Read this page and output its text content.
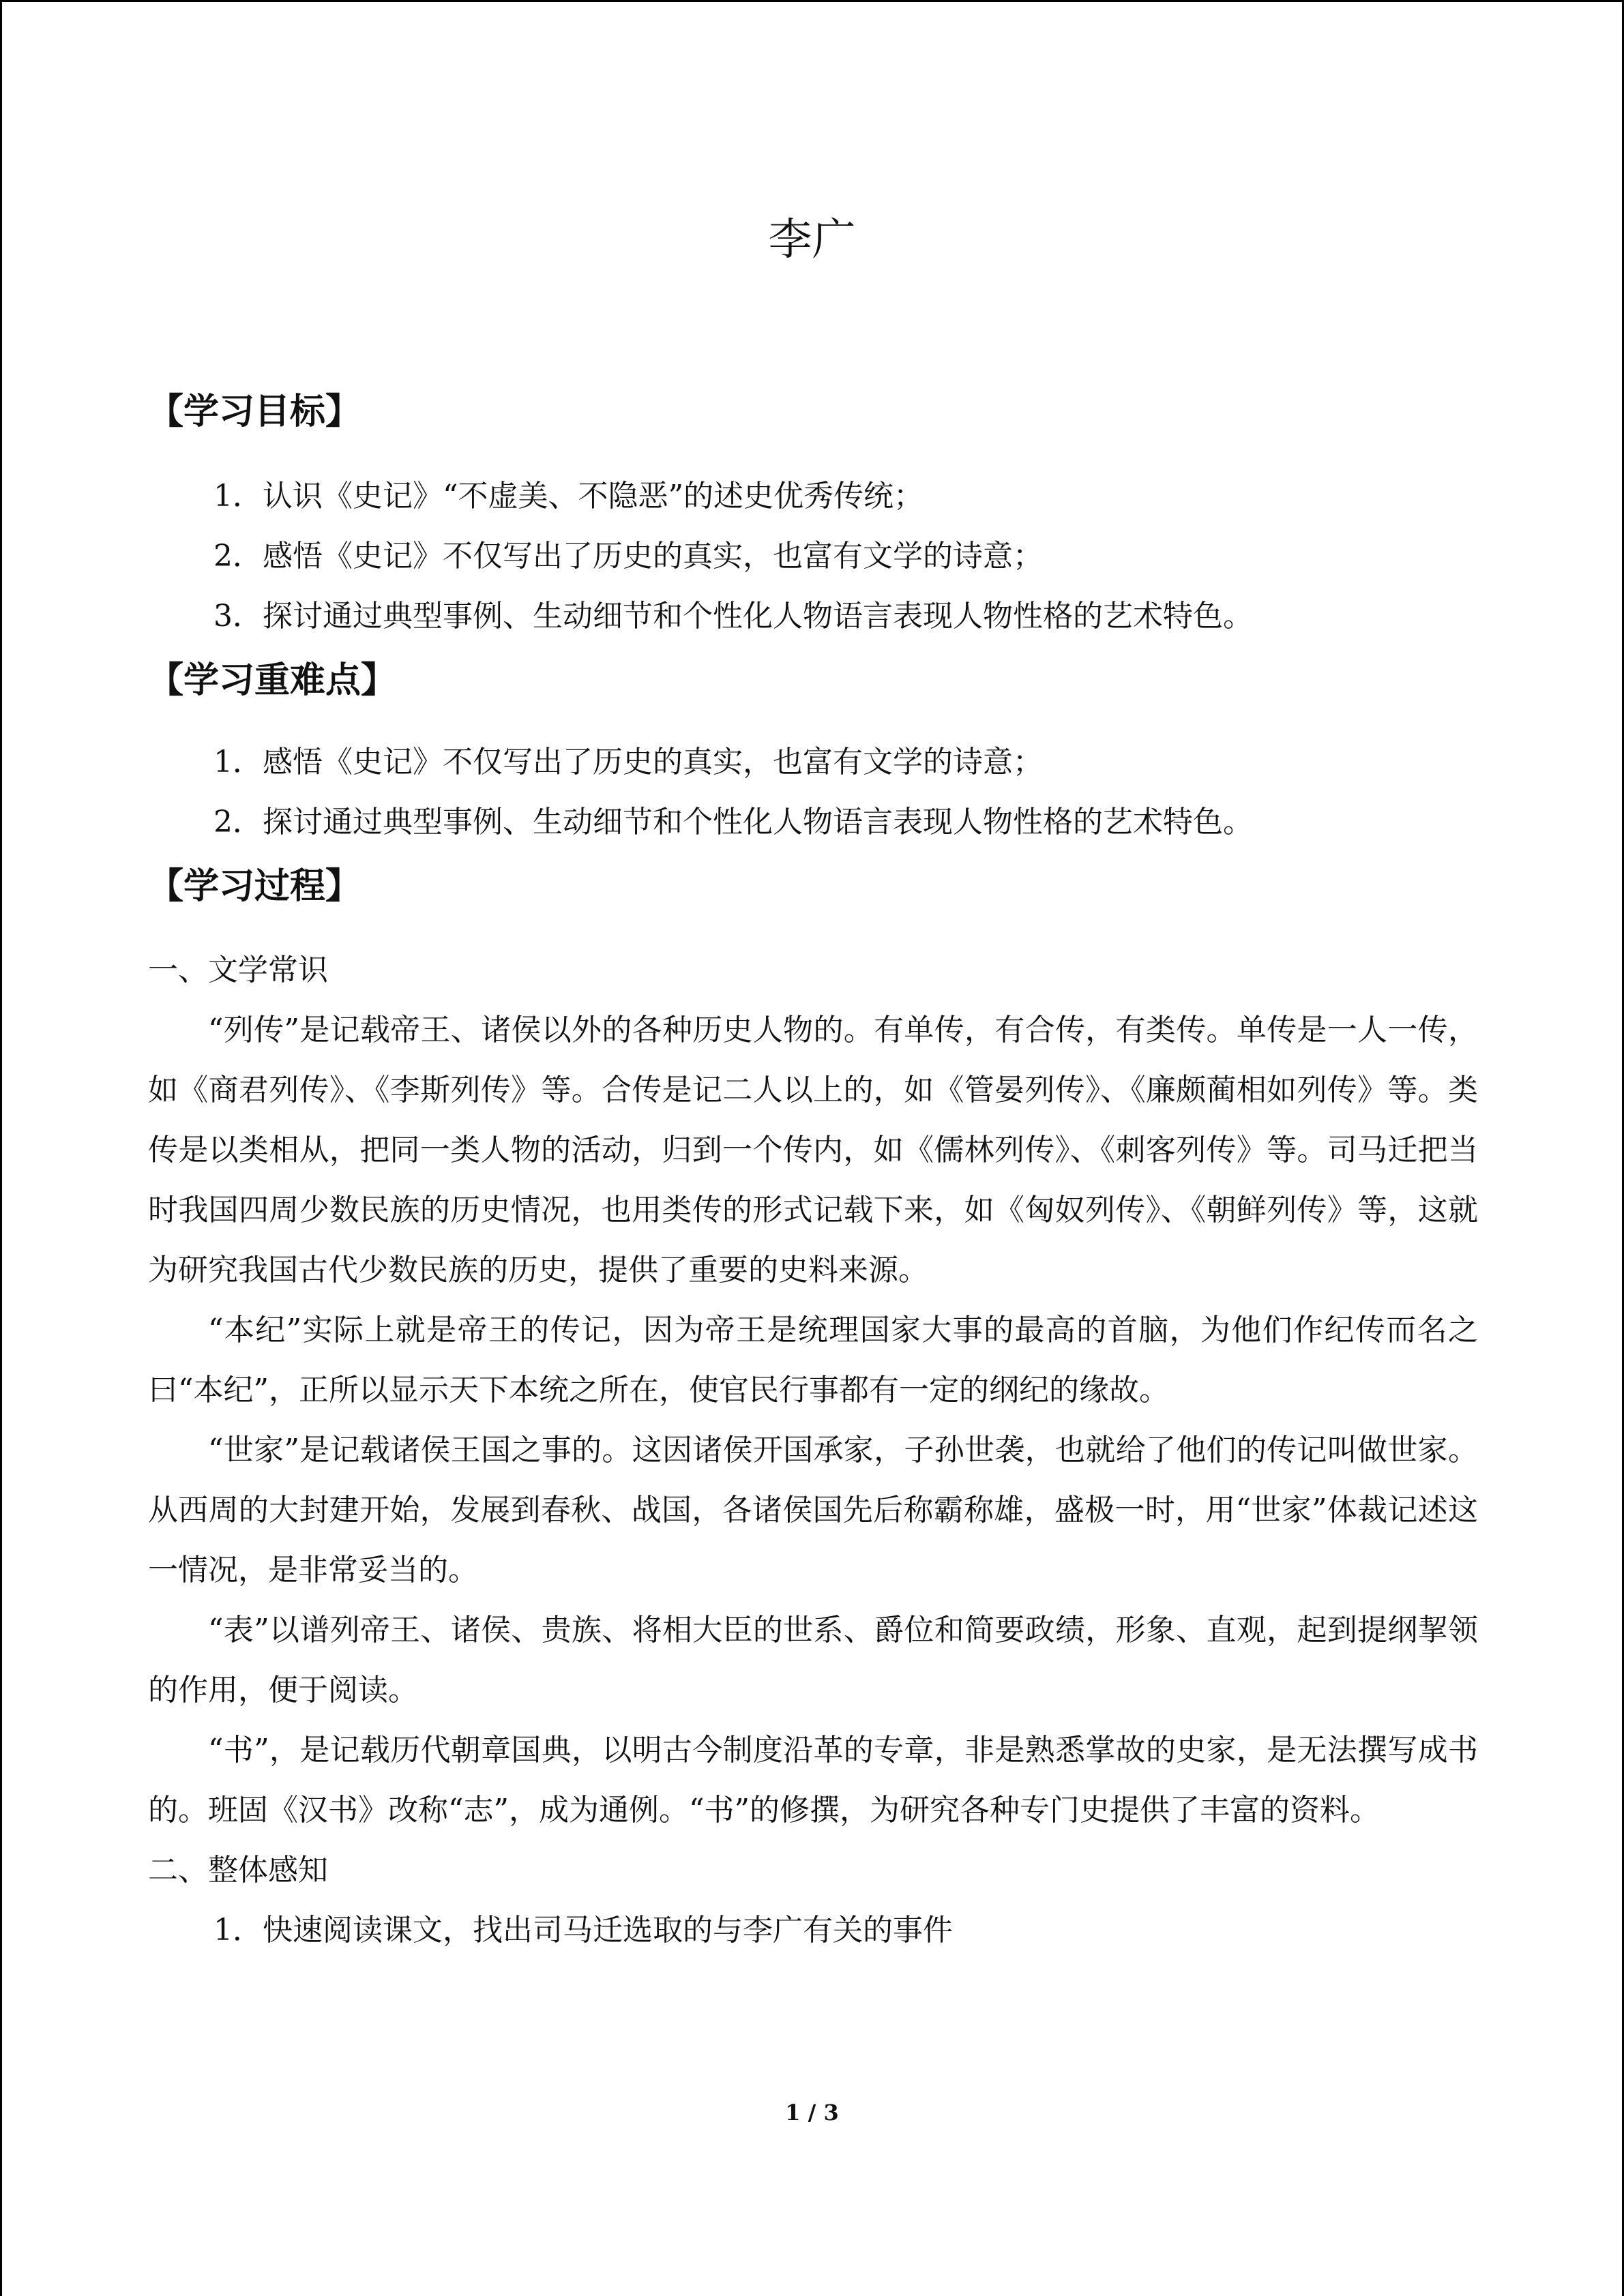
李广
【学习目标】
1．认识《史记》“不虚美、不隐恶”的述史优秀传统；
2．感悟《史记》不仅写出了历史的真实，也富有文学的诗意；
3．探讨通过典型事例、生动细节和个性化人物语言表现人物性格的艺术特色。
【学习重难点】
1．感悟《史记》不仅写出了历史的真实，也富有文学的诗意；
2．探讨通过典型事例、生动细节和个性化人物语言表现人物性格的艺术特色。
【学习过程】
一、文学常识

“列传”是记载帝王、诸侯以外的各种历史人物的。有单传，有合传，有类传。单传是一人一传，如《商君列传》、《李斯列传》等。合传是记二人以上的，如《管晏列传》、《廉颇蔺相如列传》等。类传是以类相从，把同一类人物的活动，归到一个传内，如《儒林列传》、《刺客列传》等。司马迁把当时我国四周少数民族的历史情况，也用类传的形式记载下来，如《匈奴列传》、《朝鲜列传》等，这就为研究我国古代少数民族的历史，提供了重要的史料来源。

“本纪”实际上就是帝王的传记，因为帝王是统理国家大事的最高的首脑，为他们作纪传而名之曰“本纪”，正所以显示天下本统之所在，使官民行事都有一定的纲纪的缘故。

“世家”是记载诸侯王国之事的。这因诸侯开国承家，子孙世袭，也就给了他们的传记叫做世家。从西周的大封建开始，发展到春秋、战国，各诸侯国先后称霸称雄，盛极一时，用“世家”体裁记述这一情况，是非常妥当的。

“表”以谱列帝王、诸侯、贵族、将相大臣的世系、爵位和简要政绩，形象、直观，起到提纲挈领的作用，便于阅读。

“书”，是记载历代朝章国典，以明古今制度沿革的专章，非是熟悉掌故的史家，是无法撰写成书的。班固《汉书》改称“志”，成为通例。“书”的修撰，为研究各种专门史提供了丰富的资料。

二、整体感知
1．快速阅读课文，找出司马迁选取的与李广有关的事件
1 / 3
